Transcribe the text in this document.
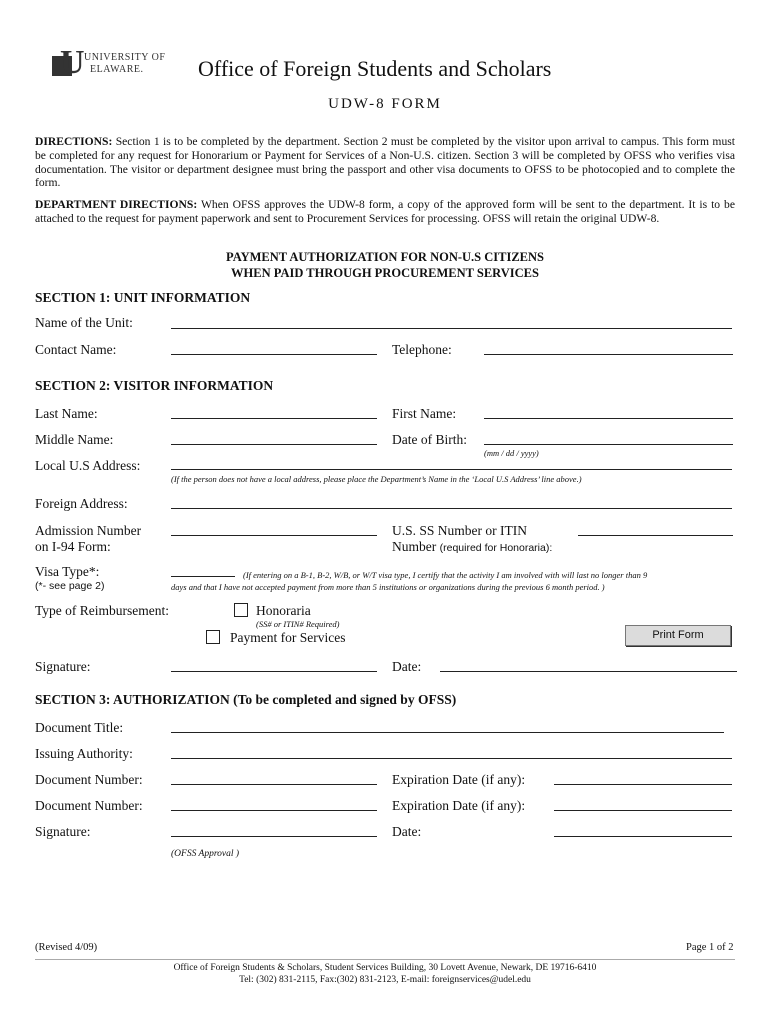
U UNIVERSITY OF
ELAWARE. Office of Foreign Students and Scholars
UDW-8 FORM
DIRECTIONS: Section 1 is to be completed by the department. Section 2 must be completed by the visitor upon arrival to campus. This form must be completed for any request for Honorarium or Payment for Services of a Non-U.S. citizen. Section 3 will be completed by OFSS who verifies visa documentation. The visitor or department designee must bring the passport and other visa documents to OFSS to be photocopied and to complete the form.
DEPARTMENT DIRECTIONS: When OFSS approves the UDW-8 form, a copy of the approved form will be sent to the department. It is to be attached to the request for payment paperwork and sent to Procurement Services for processing. OFSS will retain the original UDW-8.
PAYMENT AUTHORIZATION FOR NON-U.S CITIZENS
WHEN PAID THROUGH PROCUREMENT SERVICES
SECTION 1: UNIT INFORMATION
Name of the Unit:
Contact Name:	Telephone:
SECTION 2: VISITOR INFORMATION
Last Name:	First Name:
Middle Name:	Date of Birth:
(mm / dd / yyyy)
Local U.S Address:
(If the person does not have a local address, please place the Department’s Name in the ‘Local U.S Address’ line above.)
Foreign Address:
Admission Number
on I-94 Form:
U.S. SS Number or ITIN
Number (required for Honoraria):
Visa Type*:
(*- see page 2)
(If entering on a B-1, B-2, W/B, or W/T visa type, I certify that the activity I am involved with will last no longer than 9
days and that I have not accepted payment from more than 5 institutions or organizations during the previous 6 month period. )
Type of Reimbursement:	Honoraria
(SS# or ITIN# Required)
Payment for Services	Print Form
Signature:	Date:
SECTION 3: AUTHORIZATION (To be completed and signed by OFSS)
Document Title:
Issuing Authority:
Document Number:	Expiration Date (if any):
Document Number:	Expiration Date (if any):
Signature:	Date:
(OFSS Approval )
(Revised 4/09)	Page 1 of 2
Office of Foreign Students & Scholars, Student Services Building, 30 Lovett Avenue, Newark, DE 19716-6410
Tel: (302) 831-2115, Fax:(302) 831-2123, E-mail: foreignservices@udel.edu
